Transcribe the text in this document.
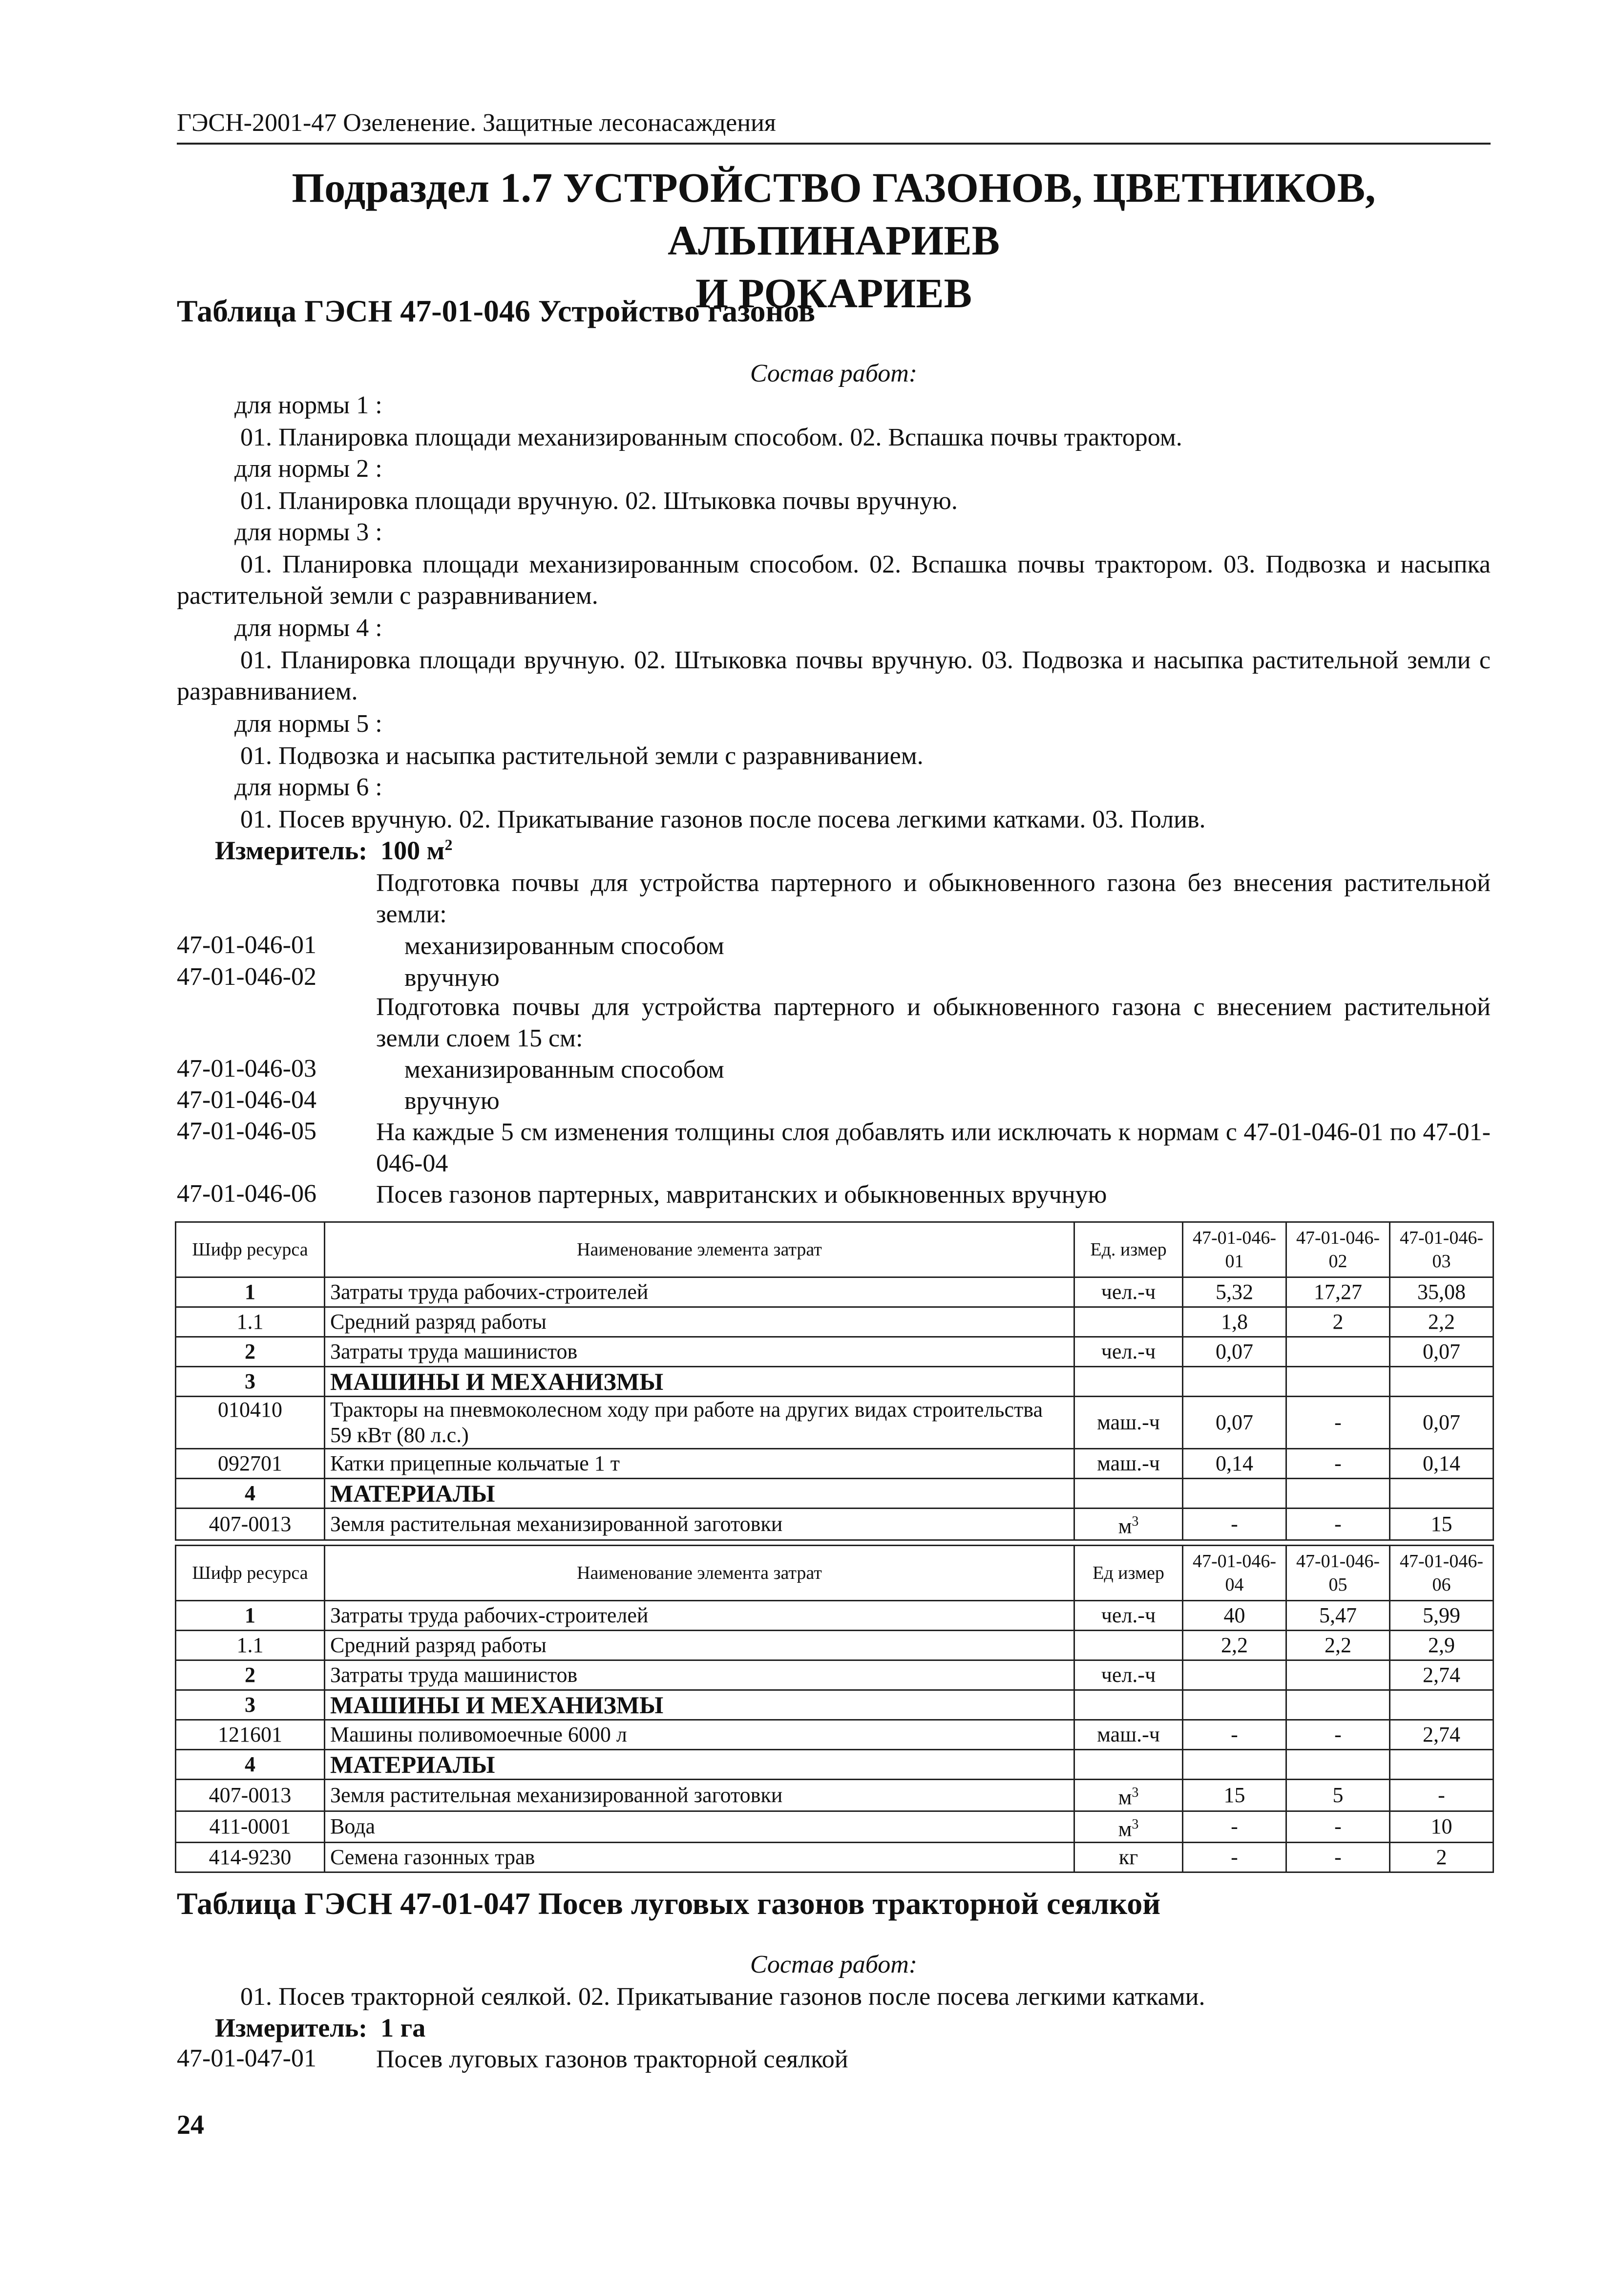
ГЭСН-2001-47 Озеленение. Защитные лесонасаждения
Подраздел 1.7 УСТРОЙСТВО ГАЗОНОВ, ЦВЕТНИКОВ, АЛЬПИНАРИЕВ
И РОКАРИЕВ
Таблица ГЭСН 47-01-046 Устройство газонов
Состав работ:
для нормы 1 :
01. Планировка площади механизированным способом. 02. Вспашка почвы трактором.
для нормы 2 :
01. Планировка площади вручную. 02. Штыковка почвы вручную.
для нормы 3 :
01. Планировка площади механизированным способом. 02. Вспашка почвы трактором. 03. Подвозка и насыпка растительной земли с разравниванием.
для нормы 4 :
01. Планировка площади вручную. 02. Штыковка почвы вручную. 03. Подвозка и насыпка растительной земли с разравниванием.
для нормы 5 :
01. Подвозка и насыпка растительной земли с разравниванием.
для нормы 6 :
01. Посев вручную. 02. Прикатывание газонов после посева легкими катками. 03. Полив.
Измеритель: 100 $м^2$
Подготовка почвы для устройства партерного и обыкновенного газона без внесения растительной земли:
47-01-046-01	механизированным способом
47-01-046-02	вручную
Подготовка почвы для устройства партерного и обыкновенного газона с внесением растительной земли слоем 15 см:
47-01-046-03	механизированным способом
47-01-046-04	вручную
47-01-046-05 На каждые 5 см изменения толщины слоя добавлять или исключать к нормам с 47-01-046-01 по 47-01-046-04
47-01-046-06 Посев газонов партерных, мавританских и обыкновенных вручную
Шифр ресурса	Наименование элемента затрат	Ед. измер	47-01-046-01	47-01-046-02	47-01-046-03
1	Затраты труда рабочих-строителей	чел.-ч	5,32	17,27	35,08
1.1	Средний разряд работы		1,8	2	2,2
2	Затраты труда машинистов	чел.-ч	0,07		0,07
3	МАШИНЫ И МЕХАНИЗМЫ				
010410	Тракторы на пневмоколесном ходу при работе на других видах строительства 59 кВт (80 л.с.)	маш.-ч	0,07	-	0,07
092701	Катки прицепные кольчатые 1 т	маш.-ч	0,14	-	0,14
4	МАТЕРИАЛЫ				
407-0013	Земля растительная механизированной заготовки	$м^3$	-	-	15
Шифр ресурса	Наименование элемента затрат	Ед измер	47-01-046-04	47-01-046-05	47-01-046-06
1	Затраты труда рабочих-строителей	чел.-ч	40	5,47	5,99
1.1	Средний разряд работы		2,2	2,2	2,9
2	Затраты труда машинистов	чел.-ч			2,74
3	МАШИНЫ И МЕХАНИЗМЫ				
121601	Машины поливомоечные 6000 л	маш.-ч	-	-	2,74
4	МАТЕРИАЛЫ				
407-0013	Земля растительная механизированной заготовки	$м^3$	15	5	-
411-0001	Вода	$м^3$	-	-	10
414-9230	Семена газонных трав	кг	-	-	2
Таблица ГЭСН 47-01-047 Посев луговых газонов тракторной сеялкой
Состав работ:
01. Посев тракторной сеялкой. 02. Прикатывание газонов после посева легкими катками.
Измеритель: 1 га
47-01-047-01 Посев луговых газонов тракторной сеялкой
24
